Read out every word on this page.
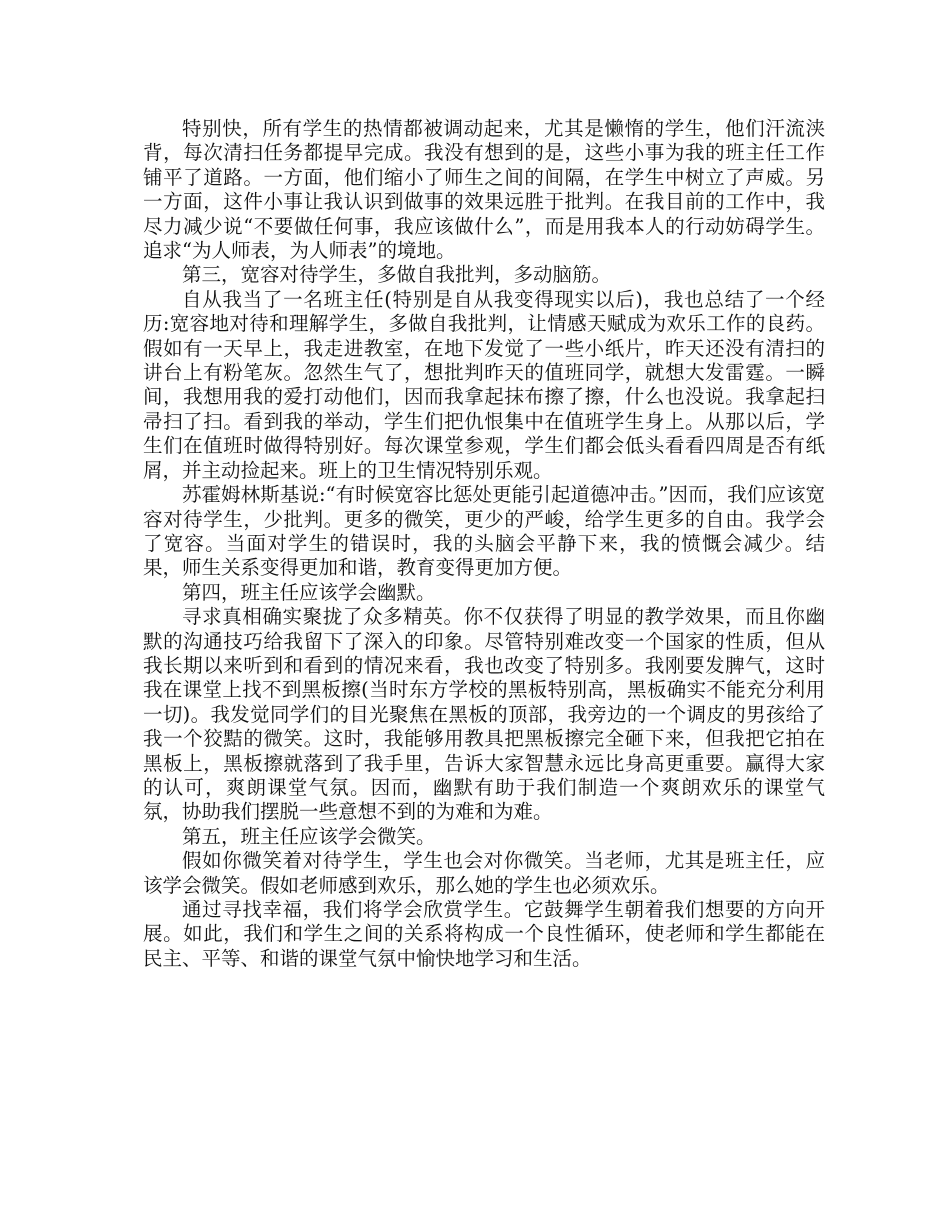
特别快，所有学生的热情都被调动起来，尤其是懒惰的学生，他们汗流浃背，每次清扫任务都提早完成。我没有想到的是，这些小事为我的班主任工作铺平了道路。一方面，他们缩小了师生之间的间隔，在学生中树立了声威。另一方面，这件小事让我认识到做事的效果远胜于批判。在我目前的工作中，我尽力减少说“不要做任何事，我应该做什么”，而是用我本人的行动妨碍学生。追求“为人师表，为人师表”的境地。

第三，宽容对待学生，多做自我批判，多动脑筋。

自从我当了一名班主任(特别是自从我变得现实以后)，我也总结了一个经历:宽容地对待和理解学生，多做自我批判，让情感天赋成为欢乐工作的良药。假如有一天早上，我走进教室，在地下发觉了一些小纸片，昨天还没有清扫的讲台上有粉笔灰。忽然生气了，想批判昨天的值班同学，就想大发雷霆。一瞬间，我想用我的爱打动他们，因而我拿起抹布擦了擦，什么也没说。我拿起扫帚扫了扫。看到我的举动，学生们把仇恨集中在值班学生身上。从那以后，学生们在值班时做得特别好。每次课堂参观，学生们都会低头看看四周是否有纸屑，并主动捡起来。班上的卫生情况特别乐观。

苏霍姆林斯基说:“有时候宽容比惩处更能引起道德冲击。”因而，我们应该宽容对待学生，少批判。更多的微笑，更少的严峻，给学生更多的自由。我学会了宽容。当面对学生的错误时，我的头脑会平静下来，我的愤慨会减少。结果，师生关系变得更加和谐，教育变得更加方便。

第四，班主任应该学会幽默。

寻求真相确实聚拢了众多精英。你不仅获得了明显的教学效果，而且你幽默的沟通技巧给我留下了深入的印象。尽管特别难改变一个国家的性质，但从我长期以来听到和看到的情况来看，我也改变了特别多。我刚要发脾气，这时我在课堂上找不到黑板擦(当时东方学校的黑板特别高，黑板确实不能充分利用一切)。我发觉同学们的目光聚焦在黑板的顶部，我旁边的一个调皮的男孩给了我一个狡黠的微笑。这时，我能够用教具把黑板擦完全砸下来，但我把它拍在黑板上，黑板擦就落到了我手里，告诉大家智慧永远比身高更重要。赢得大家的认可，爽朗课堂气氛。因而，幽默有助于我们制造一个爽朗欢乐的课堂气氛，协助我们摆脱一些意想不到的为难和为难。

第五，班主任应该学会微笑。

假如你微笑着对待学生，学生也会对你微笑。当老师，尤其是班主任，应该学会微笑。假如老师感到欢乐，那么她的学生也必须欢乐。

通过寻找幸福，我们将学会欣赏学生。它鼓舞学生朝着我们想要的方向开展。如此，我们和学生之间的关系将构成一个良性循环，使老师和学生都能在民主、平等、和谐的课堂气氛中愉快地学习和生活。
